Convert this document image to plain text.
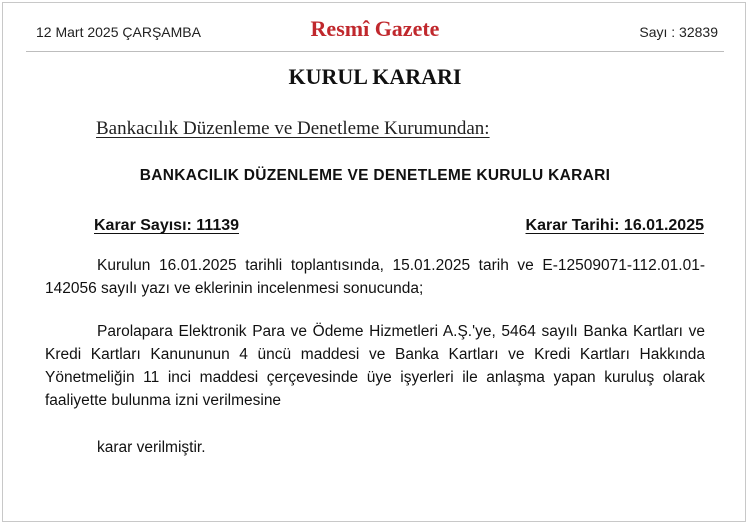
12 Mart 2025 ÇARŞAMBA	Resmî Gazete	Sayı : 32839
KURUL KARARI
Bankacılık Düzenleme ve Denetleme Kurumundan:
BANKACILIK DÜZENLEME VE DENETLEME KURULU KARARI
Karar Sayısı: 11139	Karar Tarihi: 16.01.2025

Kurulun 16.01.2025 tarihli toplantısında, 15.01.2025 tarih ve E-12509071-112.01.01-142056 sayılı yazı ve eklerinin incelenmesi sonucunda;

Parolapara Elektronik Para ve Ödeme Hizmetleri A.Ş.'ye, 5464 sayılı Banka Kartları ve Kredi Kartları Kanununun 4 üncü maddesi ve Banka Kartları ve Kredi Kartları Hakkında Yönetmeliğin 11 inci maddesi çerçevesinde üye işyerleri ile anlaşma yapan kuruluş olarak faaliyette bulunma izni verilmesine

karar verilmiştir.
